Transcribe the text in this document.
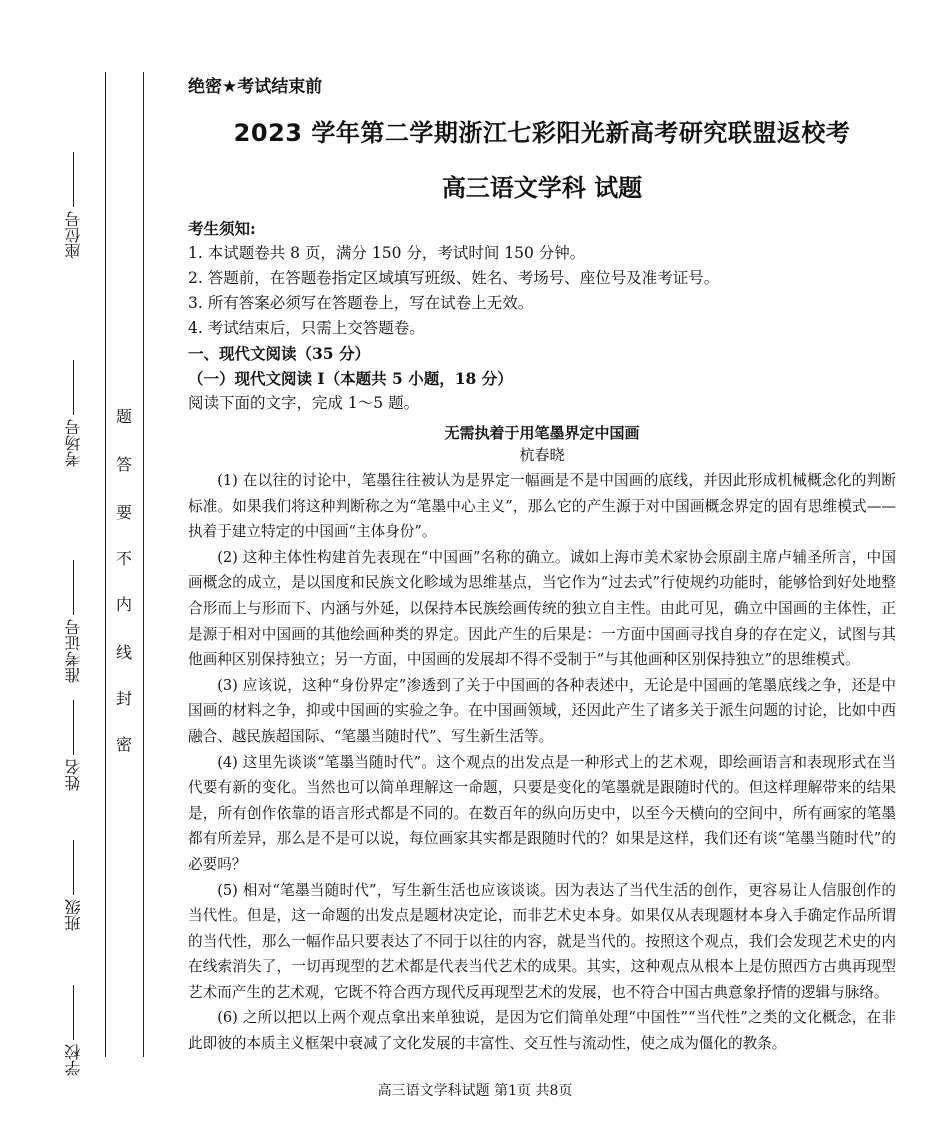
座位号
考场号
准考证号
姓名
班级
学校
题
答
要
不
内
线
封
密

绝密★考试结束前

2023 学年第二学期浙江七彩阳光新高考研究联盟返校考

高三语文学科 试题

考生须知:

1. 本试题卷共 8 页，满分 150 分，考试时间 150 分钟。

2. 答题前，在答题卷指定区域填写班级、姓名、考场号、座位号及准考证号。

3. 所有答案必须写在答题卷上，写在试卷上无效。

4. 考试结束后，只需上交答题卷。

一、现代文阅读（35 分）

（一）现代文阅读 I（本题共 5 小题，18 分）

阅读下面的文字，完成 1～5 题。

无需执着于用笔墨界定中国画

杭春晓

(1) 在以往的讨论中，笔墨往往被认为是界定一幅画是不是中国画的底线，并因此形成机械概念化的判断标准。如果我们将这种判断称之为“笔墨中心主义”，那么它的产生源于对中国画概念界定的固有思维模式——执着于建立特定的中国画“主体身份”。

(2) 这种主体性构建首先表现在“中国画”名称的确立。诚如上海市美术家协会原副主席卢辅圣所言，中国画概念的成立，是以国度和民族文化畛域为思维基点，当它作为“过去式”行使规约功能时，能够恰到好处地整合形而上与形而下、内涵与外延，以保持本民族绘画传统的独立自主性。由此可见，确立中国画的主体性，正是源于相对中国画的其他绘画种类的界定。因此产生的后果是：一方面中国画寻找自身的存在定义，试图与其他画种区别保持独立；另一方面，中国画的发展却不得不受制于“与其他画种区别保持独立”的思维模式。

(3) 应该说，这种“身份界定”渗透到了关于中国画的各种表述中，无论是中国画的笔墨底线之争，还是中国画的材料之争，抑或中国画的实验之争。在中国画领域，还因此产生了诸多关于派生问题的讨论，比如中西融合、越民族超国际、“笔墨当随时代”、写生新生活等。

(4) 这里先谈谈“笔墨当随时代”。这个观点的出发点是一种形式上的艺术观，即绘画语言和表现形式在当代要有新的变化。当然也可以简单理解这一命题，只要是变化的笔墨就是跟随时代的。但这样理解带来的结果是，所有创作依靠的语言形式都是不同的。在数百年的纵向历史中，以至今天横向的空间中，所有画家的笔墨都有所差异，那么是不是可以说，每位画家其实都是跟随时代的？如果是这样，我们还有谈“笔墨当随时代”的必要吗？

(5) 相对“笔墨当随时代”，写生新生活也应该谈谈。因为表达了当代生活的创作，更容易让人信服创作的当代性。但是，这一命题的出发点是题材决定论，而非艺术史本身。如果仅从表现题材本身入手确定作品所谓的当代性，那么一幅作品只要表达了不同于以往的内容，就是当代的。按照这个观点，我们会发现艺术史的内在线索消失了，一切再现型的艺术都是代表当代艺术的成果。其实，这种观点从根本上是仿照西方古典再现型艺术而产生的艺术观，它既不符合西方现代反再现型艺术的发展，也不符合中国古典意象抒情的逻辑与脉络。

(6) 之所以把以上两个观点拿出来单独说，是因为它们简单处理“中国性”“当代性”之类的文化概念，在非此即彼的本质主义框架中衰减了文化发展的丰富性、交互性与流动性，使之成为僵化的教条。

高三语文学科试题 第1页 共8页
